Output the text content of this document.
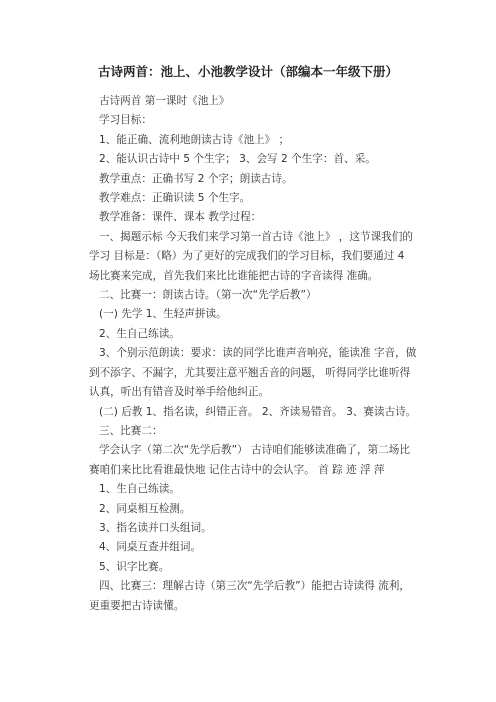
古诗两首：池上、小池教学设计（部编本一年级下册）

古诗两首 第一课时《池上》

学习目标：

1、能正确、流利地朗读古诗《池上》 ；

2、能认识古诗中 5 个生字； 3、会写 2 个生字：首、采。

教学重点：正确书写 2 个字；朗读古诗。

教学难点：正确识读 5 个生字。

教学准备：课件、课本 教学过程：

一、揭题示标 今天我们来学习第一首古诗《池上》 ，这节课我们的学习 目标是：（略）为了更好的完成我们的学习目标，我们要通过 4 场比赛来完成，首先我们来比比谁能把古诗的字音读得 准确。

二、比赛一：朗读古诗。（第一次“先学后教”）

(一) 先学 1、生轻声拼读。

2、生自己练读。

3、个别示范朗读：要求：读的同学比谁声音响亮，能读准 字音，做到不添字、不漏字，尤其要注意平翘舌音的问题， 听得同学比谁听得认真，听出有错音及时举手给他纠正。

(二) 后教 1、指名读，纠错正音。 2、齐读易错音。 3、赛读古诗。

三、比赛二：

学会认字（第二次“先学后教”） 古诗咱们能够读准确了，第二场比赛咱们来比比看谁最快地 记住古诗中的会认字。 首 踪 迹 浮 萍

1、生自己练读。

2、同桌相互检测。

3、指名读并口头组词。

4、同桌互查并组词。

5、识字比赛。

四、比赛三：理解古诗（第三次“先学后教”）能把古诗读得 流利，更重要把古诗读懂。
